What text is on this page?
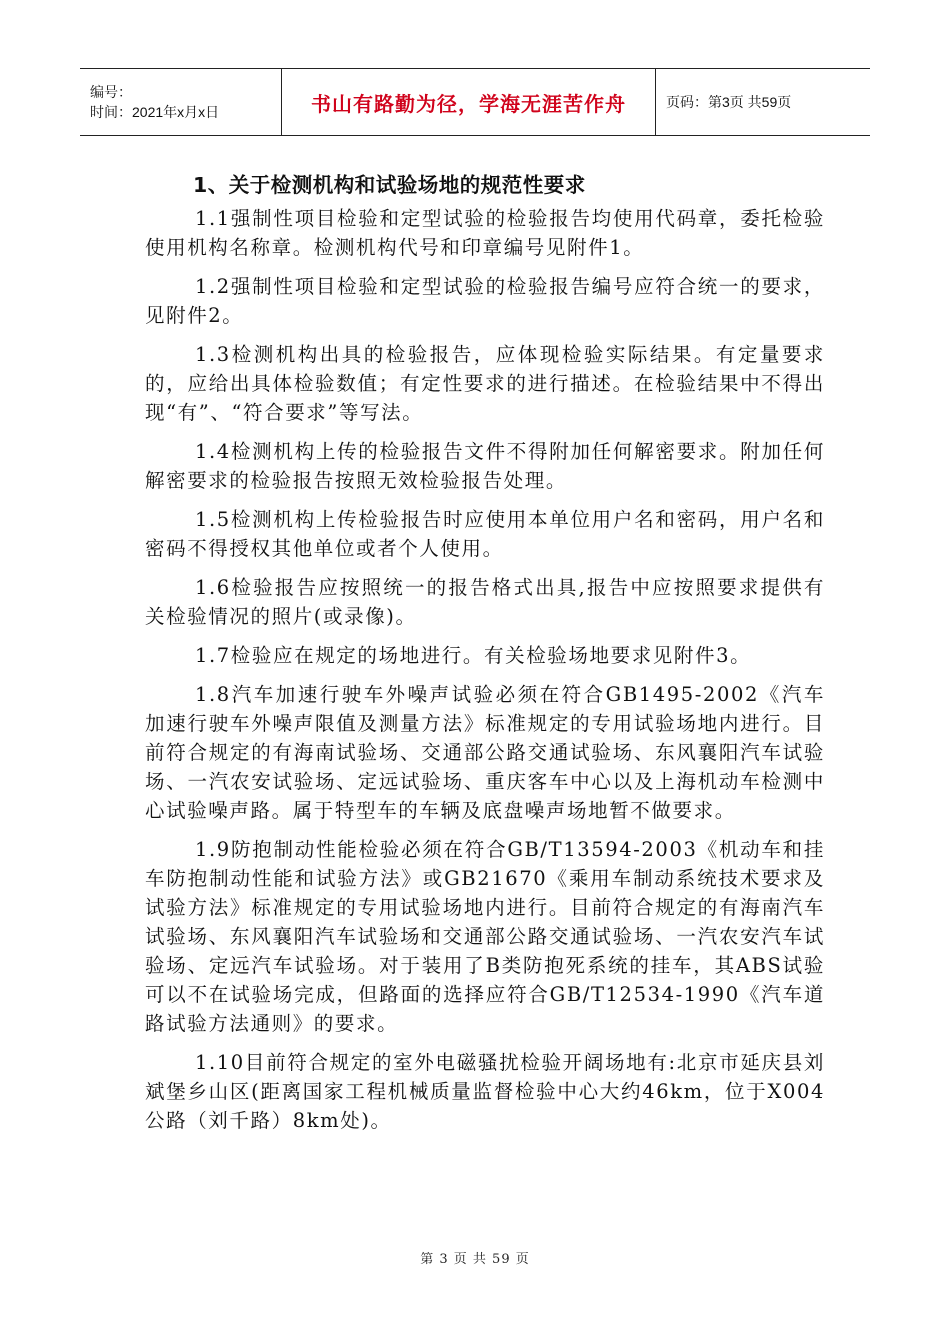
编号：
时间：2021年x月x日	书山有路勤为径，学海无涯苦作舟	页码：第3页 共59页
1、关于检测机构和试验场地的规范性要求

1.1强制性项目检验和定型试验的检验报告均使用代码章，委托检验使用机构名称章。检测机构代号和印章编号见附件1。

1.2强制性项目检验和定型试验的检验报告编号应符合统一的要求，见附件2。

1.3检测机构出具的检验报告，应体现检验实际结果。有定量要求的，应给出具体检验数值；有定性要求的进行描述。在检验结果中不得出现“有”、“符合要求”等写法。

1.4检测机构上传的检验报告文件不得附加任何解密要求。附加任何解密要求的检验报告按照无效检验报告处理。

1.5检测机构上传检验报告时应使用本单位用户名和密码，用户名和密码不得授权其他单位或者个人使用。

1.6检验报告应按照统一的报告格式出具,报告中应按照要求提供有关检验情况的照片(或录像)。

1.7检验应在规定的场地进行。有关检验场地要求见附件3。

1.8汽车加速行驶车外噪声试验必须在符合GB1495-2002《汽车加速行驶车外噪声限值及测量方法》标准规定的专用试验场地内进行。目前符合规定的有海南试验场、交通部公路交通试验场、东风襄阳汽车试验场、一汽农安试验场、定远试验场、重庆客车中心以及上海机动车检测中心试验噪声路。属于特型车的车辆及底盘噪声场地暂不做要求。

1.9防抱制动性能检验必须在符合GB/T13594-2003《机动车和挂车防抱制动性能和试验方法》或GB21670《乘用车制动系统技术要求及试验方法》标准规定的专用试验场地内进行。目前符合规定的有海南汽车试验场、东风襄阳汽车试验场和交通部公路交通试验场、一汽农安汽车试验场、定远汽车试验场。对于装用了B类防抱死系统的挂车，其ABS试验可以不在试验场完成，但路面的选择应符合GB/T12534-1990《汽车道路试验方法通则》的要求。

1.10目前符合规定的室外电磁骚扰检验开阔场地有:北京市延庆县刘斌堡乡山区(距离国家工程机械质量监督检验中心大约46km，位于X004公路（刘千路）8km处)。

第 3 页 共 59 页
